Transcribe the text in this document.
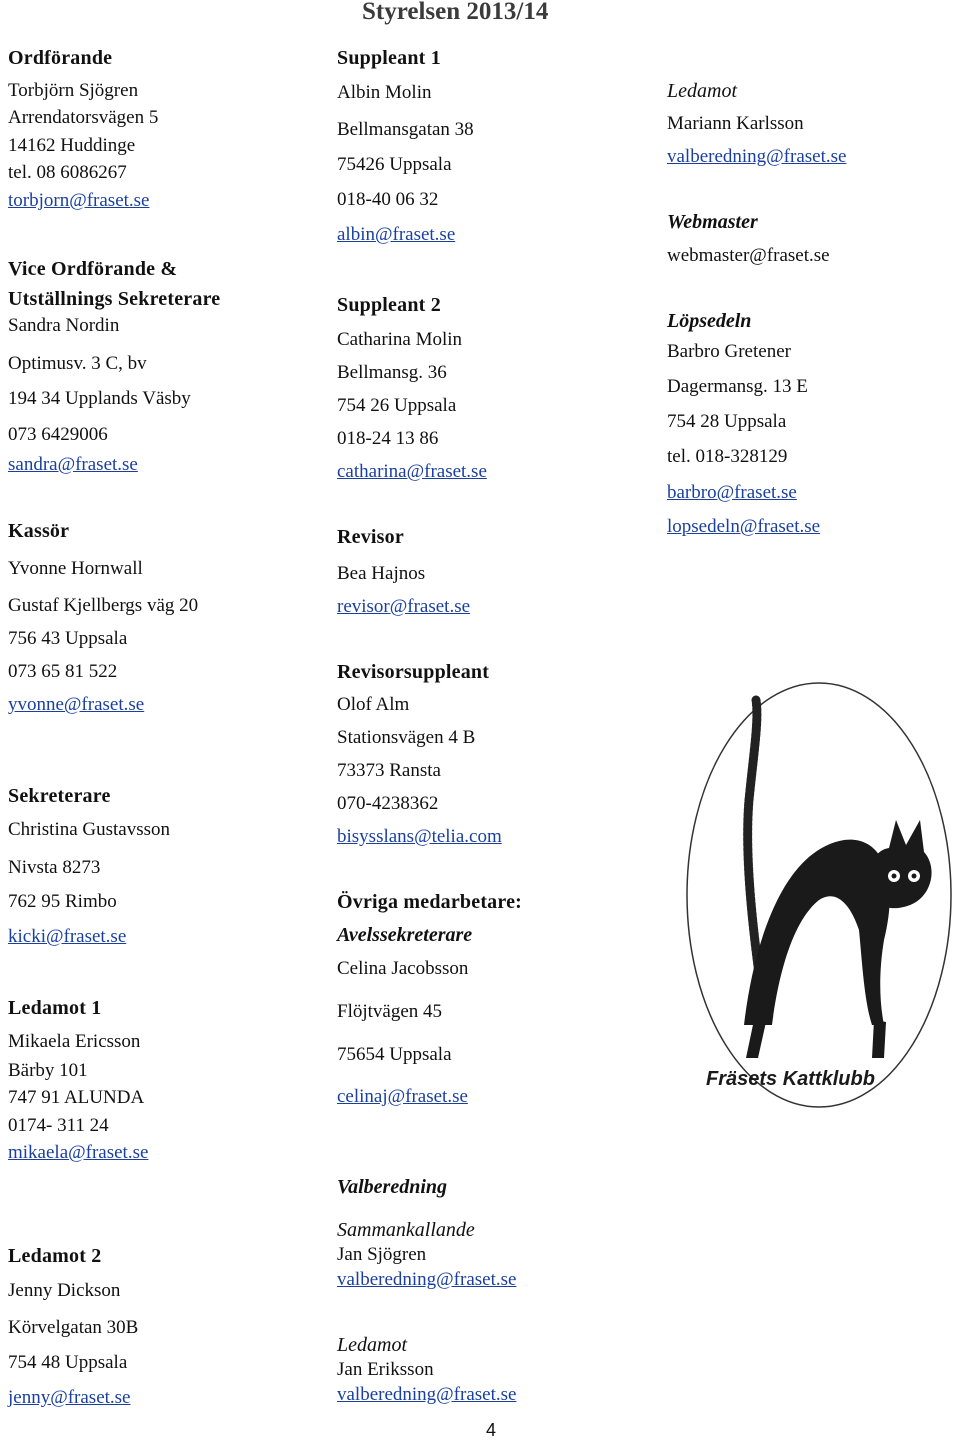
Styrelsen 2013/14
Ordförande
Torbjörn Sjögren
Arrendatorsvägen 5
14162 Huddinge
tel. 08 6086267
torbjorn@fraset.se
Vice Ordförande &
Utställnings Sekreterare
Sandra Nordin
Optimusv. 3 C, bv
194 34 Upplands Väsby
073 6429006
sandra@fraset.se
Kassör
Yvonne Hornwall
Gustaf Kjellbergs väg 20
756 43 Uppsala
073 65 81 522
yvonne@fraset.se
Sekreterare
Christina Gustavsson
Nivsta 8273
762 95 Rimbo
kicki@fraset.se
Ledamot 1
Mikaela Ericsson
Bärby 101
747 91 ALUNDA
0174- 311 24
mikaela@fraset.se
Ledamot 2
Jenny Dickson
Körvelgatan 30B
754 48 Uppsala
jenny@fraset.se
Suppleant 1
Albin Molin
Bellmansgatan 38
75426 Uppsala
018-40 06 32
albin@fraset.se
Suppleant 2
Catharina Molin
Bellmansg. 36
754 26 Uppsala
018-24 13 86
catharina@fraset.se
Revisor
Bea Hajnos
revisor@fraset.se
Revisorsuppleant
Olof Alm
Stationsvägen 4 B
73373 Ransta
070-4238362
bisysslans@telia.com
Övriga medarbetare:
Avelssekreterare
Celina Jacobsson
Flöjtvägen 45
75654 Uppsala
celinaj@fraset.se
Valberedning
Sammankallande
Jan Sjögren
valberedning@fraset.se
Ledamot
Jan Eriksson
valberedning@fraset.se
4
Ledamot
Mariann Karlsson
valberedning@fraset.se
Webmaster
webmaster@fraset.se
Löpsedeln
Barbro Gretener
Dagermansg. 13 E
754 28 Uppsala
tel. 018-328129
barbro@fraset.se
lopsedeln@fraset.se
Fräsets Kattklubb
